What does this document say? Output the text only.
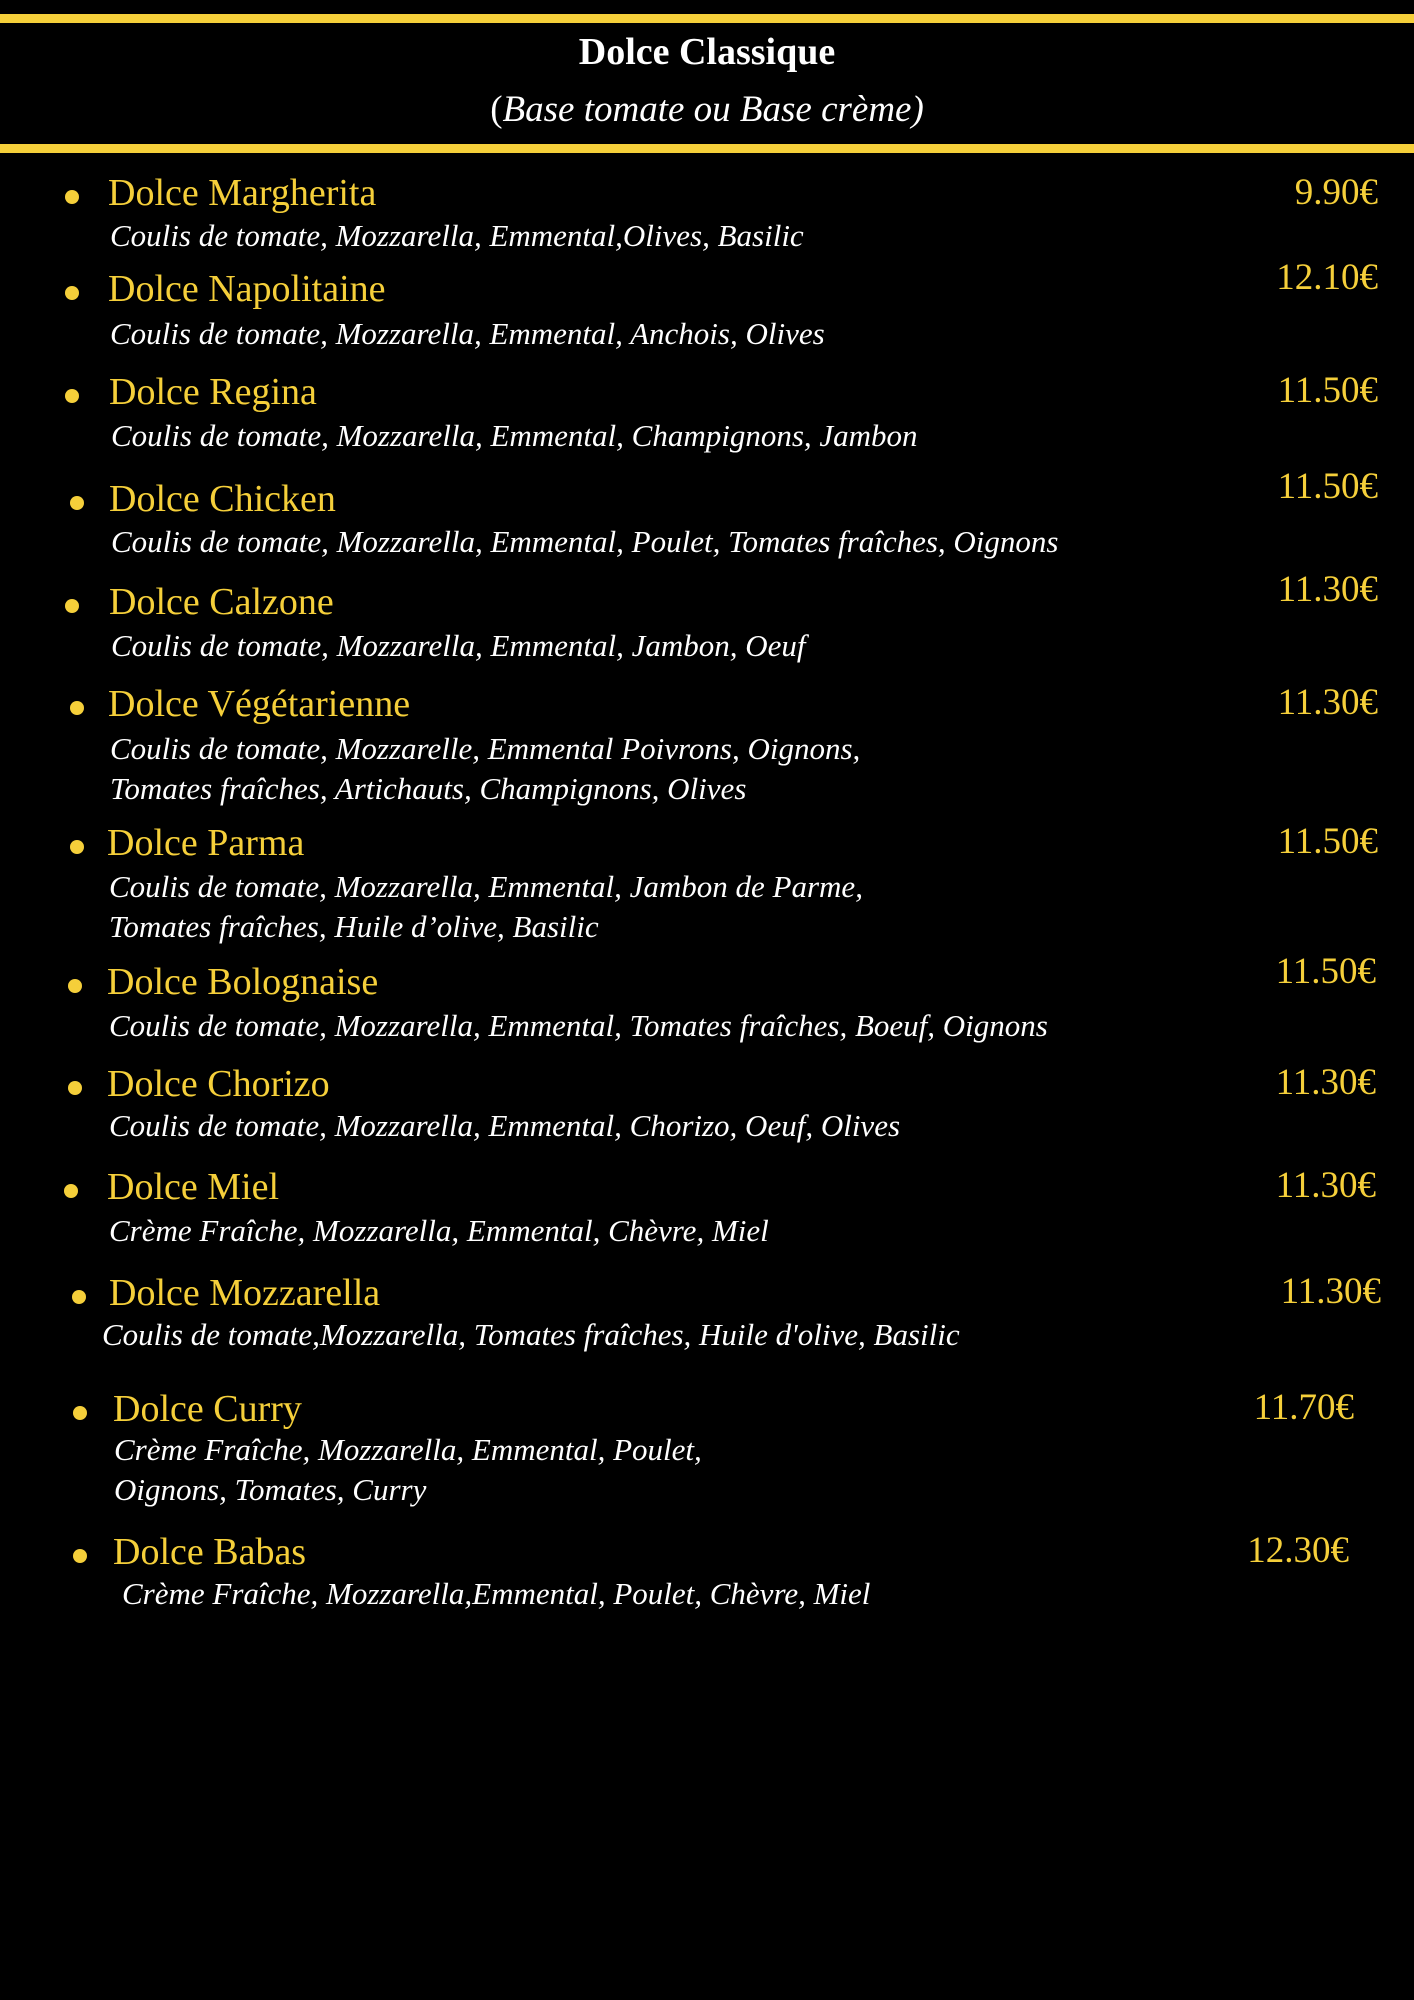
Dolce Classique
(Base tomate ou Base crème)
Dolce Margherita	9.90€
Coulis de tomate, Mozzarella, Emmental,Olives, Basilic
Dolce Napolitaine	12.10€
Coulis de tomate, Mozzarella, Emmental, Anchois, Olives
Dolce Regina	11.50€
Coulis de tomate, Mozzarella, Emmental, Champignons, Jambon
Dolce Chicken	11.50€
Coulis de tomate, Mozzarella, Emmental, Poulet, Tomates fraîches, Oignons
Dolce Calzone	11.30€
Coulis de tomate, Mozzarella, Emmental, Jambon, Oeuf
Dolce Végétarienne	11.30€
Coulis de tomate, Mozzarelle, Emmental Poivrons, Oignons,
Tomates fraîches, Artichauts, Champignons, Olives
Dolce Parma	11.50€
Coulis de tomate, Mozzarella, Emmental, Jambon de Parme,
Tomates fraîches, Huile d’olive, Basilic
Dolce Bolognaise	11.50€
Coulis de tomate, Mozzarella, Emmental, Tomates fraîches, Boeuf, Oignons
Dolce Chorizo	11.30€
Coulis de tomate, Mozzarella, Emmental, Chorizo, Oeuf, Olives
Dolce Miel	11.30€
Crème Fraîche, Mozzarella, Emmental, Chèvre, Miel
Dolce Mozzarella	11.30€
Coulis de tomate,Mozzarella, Tomates fraîches, Huile d'olive, Basilic
Dolce Curry	11.70€
Crème Fraîche, Mozzarella, Emmental, Poulet,
Oignons, Tomates, Curry
Dolce Babas	12.30€
Crème Fraîche, Mozzarella,Emmental, Poulet, Chèvre, Miel
